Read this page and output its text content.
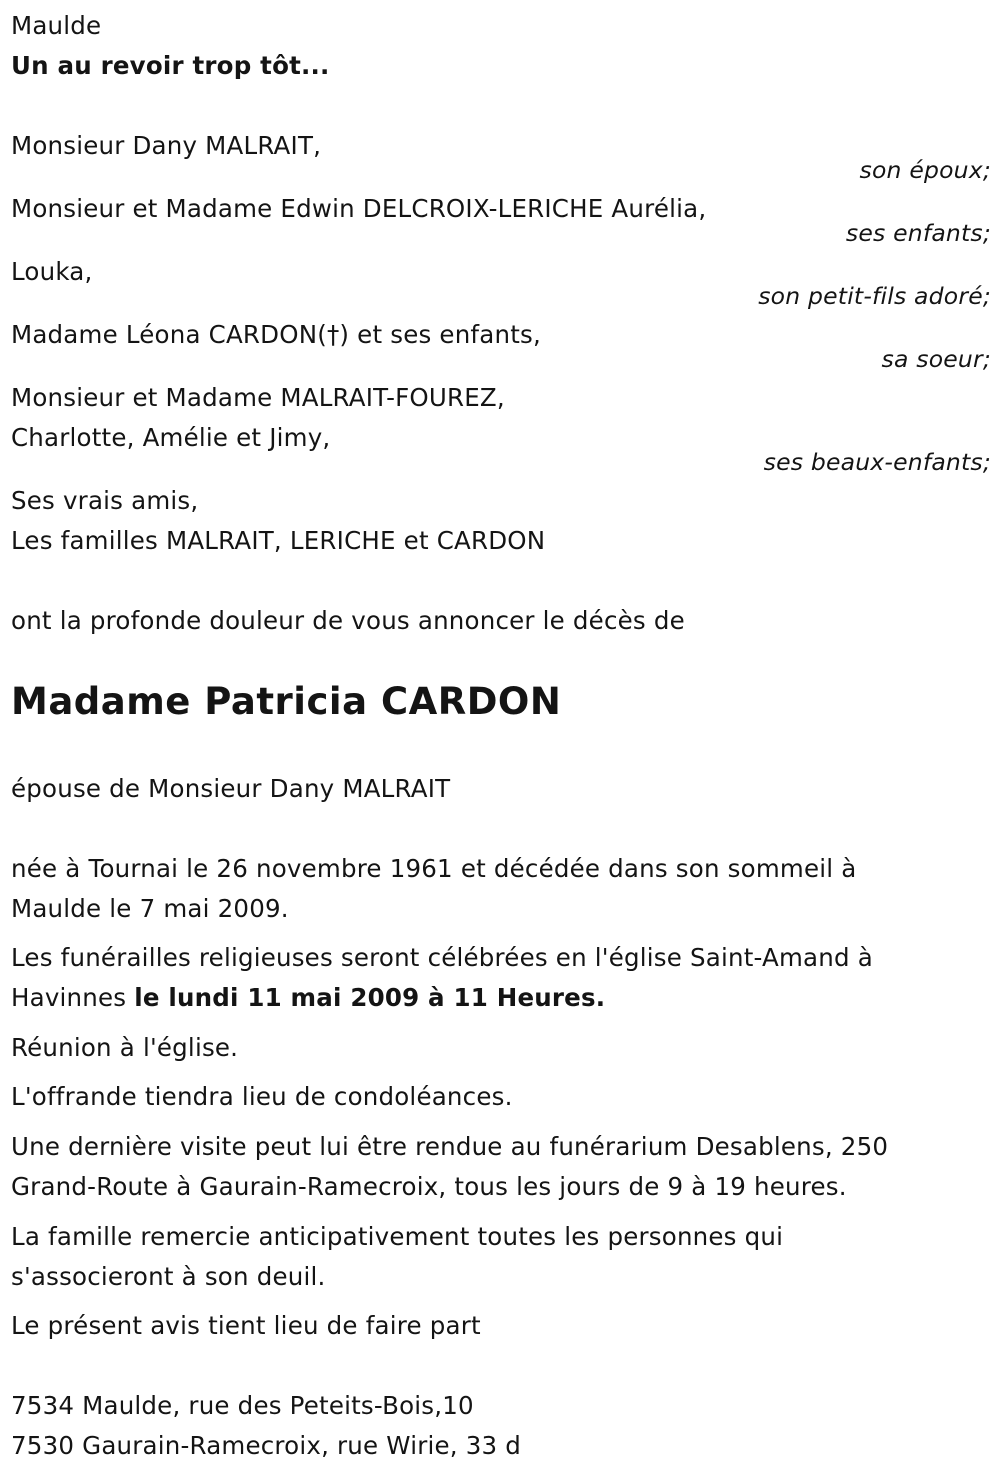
Maulde
Un au revoir trop tôt...
Monsieur Dany MALRAIT,
son époux;
Monsieur et Madame Edwin DELCROIX-LERICHE Aurélia,
ses enfants;
Louka,
son petit-fils adoré;
Madame Léona CARDON(†) et ses enfants,
sa soeur;
Monsieur et Madame MALRAIT-FOUREZ,
Charlotte, Amélie et Jimy,
ses beaux-enfants;
Ses vrais amis,
Les familles MALRAIT, LERICHE et CARDON
ont la profonde douleur de vous annoncer le décès de
Madame Patricia CARDON
épouse de Monsieur Dany MALRAIT
née à Tournai le 26 novembre 1961 et décédée dans son sommeil à
Maulde le 7 mai 2009.
Les funérailles religieuses seront célébrées en l'église Saint-Amand à
Havinnes le lundi 11 mai 2009 à 11 Heures.
Réunion à l'église.
L'offrande tiendra lieu de condoléances.
Une dernière visite peut lui être rendue au funérarium Desablens, 250
Grand-Route à Gaurain-Ramecroix, tous les jours de 9 à 19 heures.
La famille remercie anticipativement toutes les personnes qui
s'associeront à son deuil.
Le présent avis tient lieu de faire part
7534 Maulde, rue des Peteits-Bois,10
7530 Gaurain-Ramecroix, rue Wirie, 33 d
